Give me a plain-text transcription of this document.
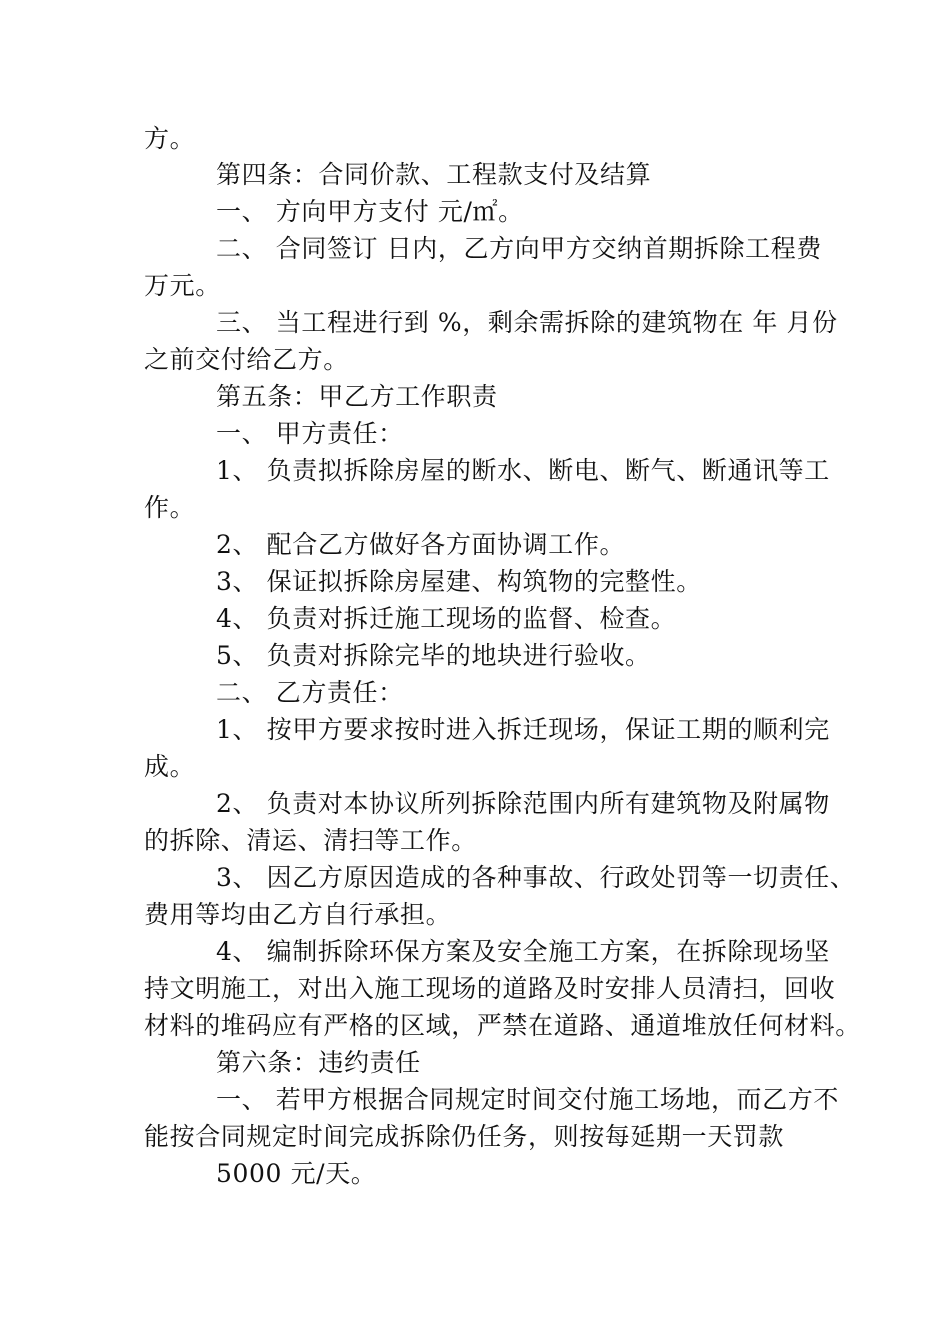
方。
第四条：合同价款、工程款支付及结算
一、 方向甲方支付 元/㎡。
二、 合同签订 日内，乙方向甲方交纳首期拆除工程费
万元。
三、 当工程进行到 %，剩余需拆除的建筑物在 年 月份
之前交付给乙方。
第五条：甲乙方工作职责
一、 甲方责任：
1、 负责拟拆除房屋的断水、断电、断气、断通讯等工
作。
2、 配合乙方做好各方面协调工作。
3、 保证拟拆除房屋建、构筑物的完整性。
4、 负责对拆迁施工现场的监督、检查。
5、 负责对拆除完毕的地块进行验收。
二、 乙方责任：
1、 按甲方要求按时进入拆迁现场，保证工期的顺利完
成。
2、 负责对本协议所列拆除范围内所有建筑物及附属物
的拆除、清运、清扫等工作。
3、 因乙方原因造成的各种事故、行政处罚等一切责任、
费用等均由乙方自行承担。
4、 编制拆除环保方案及安全施工方案，在拆除现场坚
持文明施工，对出入施工现场的道路及时安排人员清扫，回收
材料的堆码应有严格的区域，严禁在道路、通道堆放任何材料。
第六条：违约责任
一、 若甲方根据合同规定时间交付施工场地，而乙方不
能按合同规定时间完成拆除仍任务，则按每延期一天罚款
5000 元/天。
